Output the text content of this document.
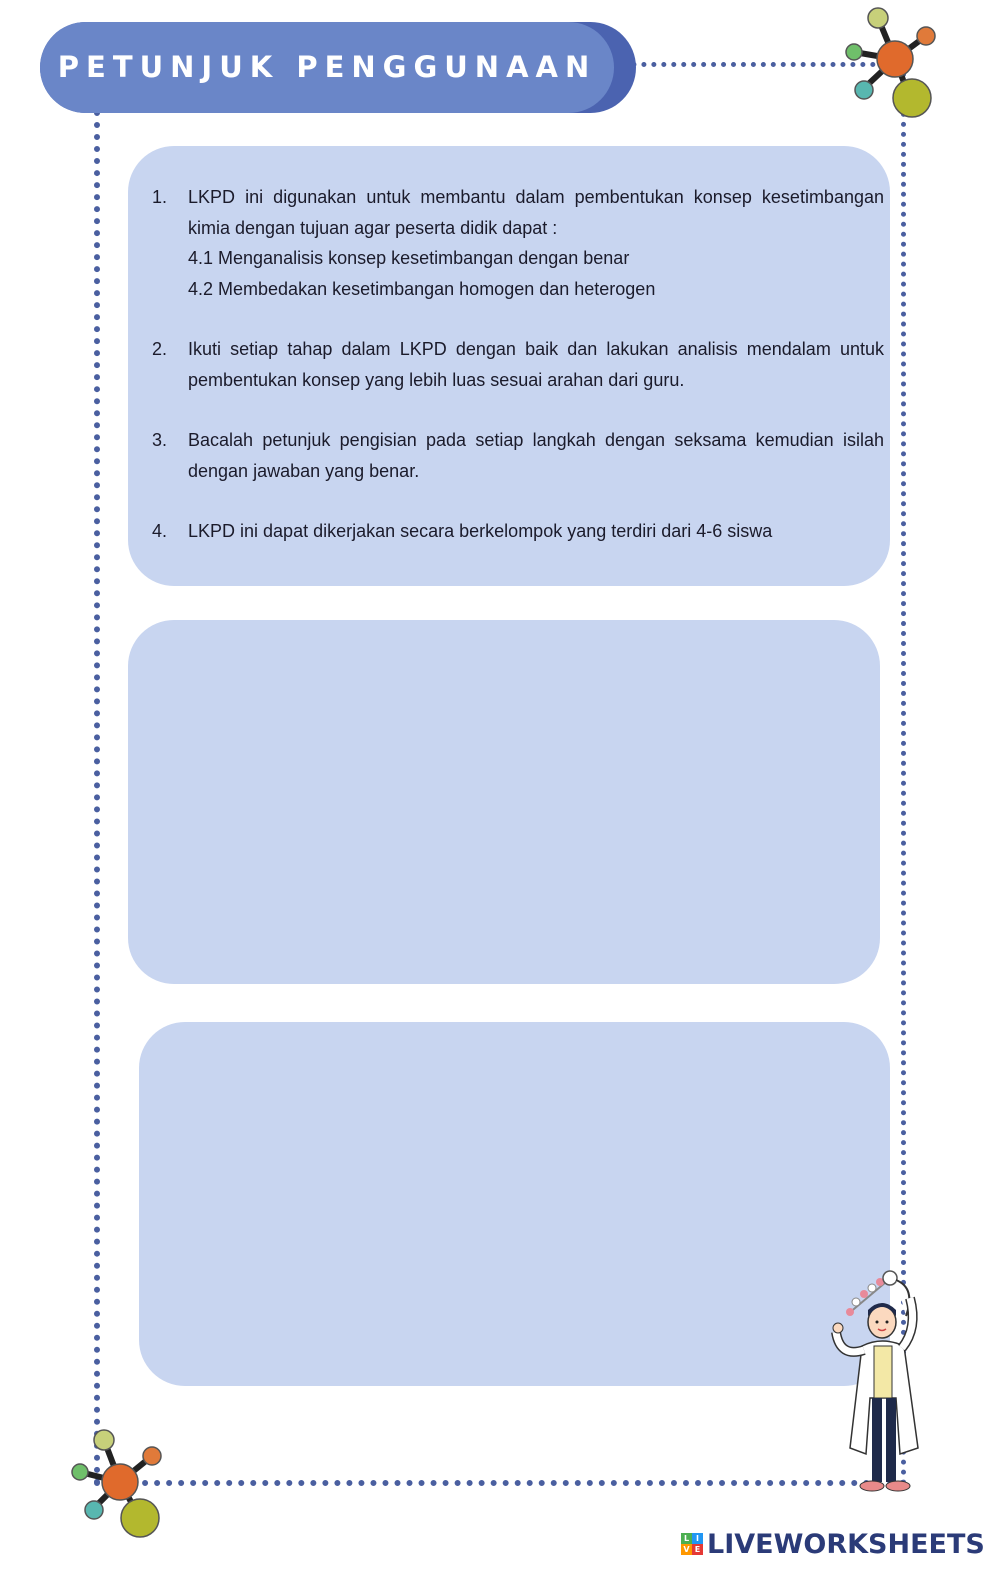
PETUNJUK PENGGUNAAN
1. LKPD ini digunakan untuk membantu dalam pembentukan konsep kesetimbangan kimia dengan tujuan agar peserta didik dapat :
4.1 Menganalisis konsep kesetimbangan dengan benar
4.2 Membedakan kesetimbangan homogen dan heterogen
2. Ikuti setiap tahap dalam LKPD dengan baik dan lakukan analisis mendalam untuk pembentukan konsep yang lebih luas sesuai arahan dari guru.
3. Bacalah petunjuk pengisian pada setiap langkah dengan seksama kemudian isilah dengan jawaban yang benar.
4. LKPD ini dapat dikerjakan secara berkelompok yang terdiri dari 4-6 siswa
L I
V E LIVEWORKSHEETS
